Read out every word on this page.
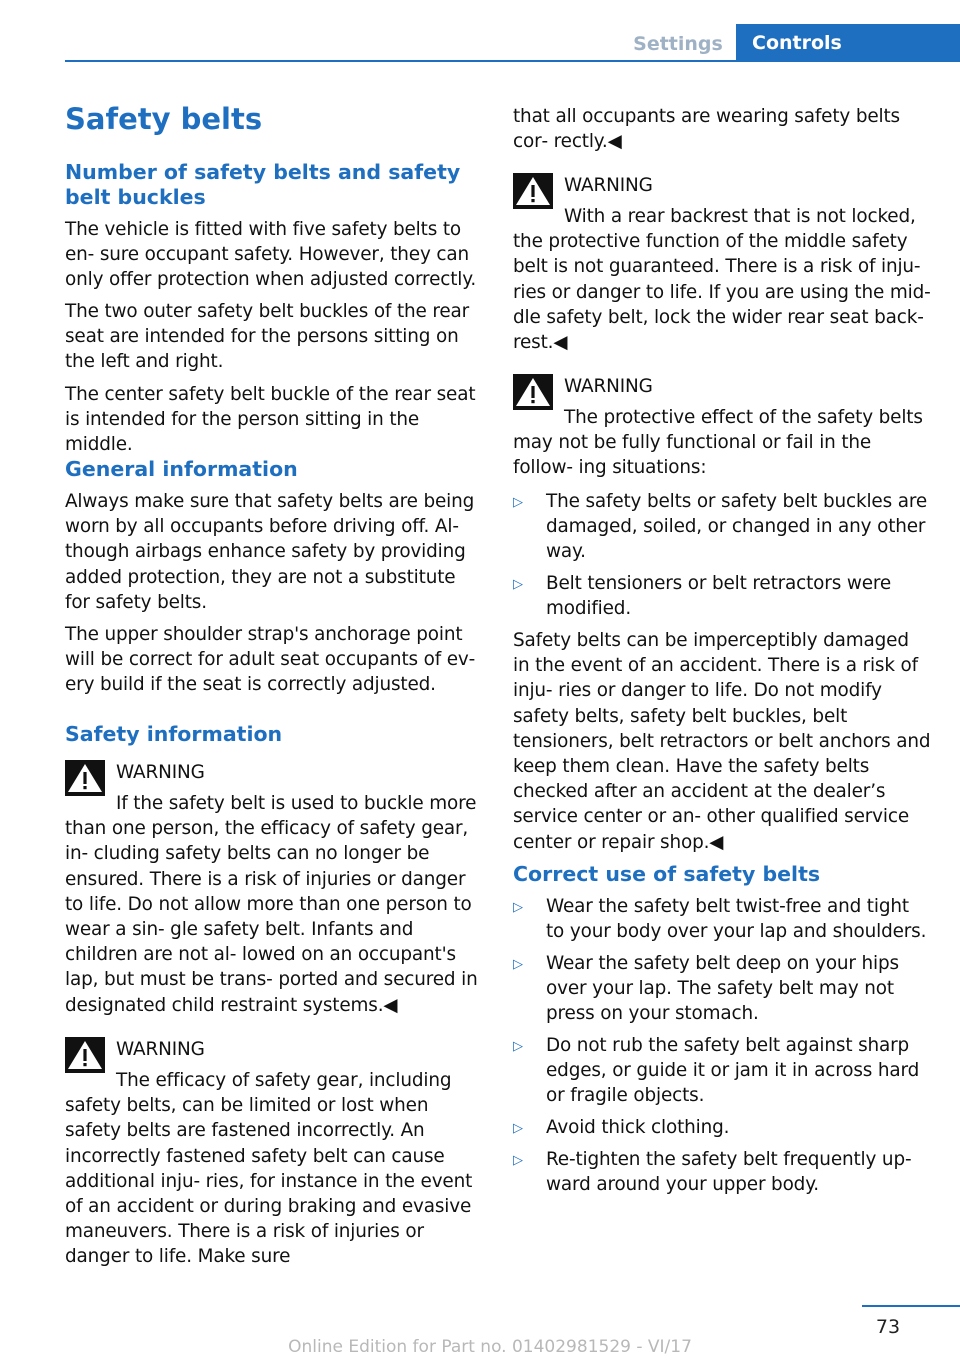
Settings	Controls
Safety belts
Number of safety belts and safety belt buckles
The vehicle is fitted with five safety belts to en‐ sure occupant safety. However, they can only offer protection when adjusted correctly.
The two outer safety belt buckles of the rear seat are intended for the persons sitting on the left and right.
The center safety belt buckle of the rear seat is intended for the person sitting in the middle.
General information
Always make sure that safety belts are being worn by all occupants before driving off. Al‐ though airbags enhance safety by providing added protection, they are not a substitute for safety belts.
The upper shoulder strap's anchorage point will be correct for adult seat occupants of ev‐ ery build if the seat is correctly adjusted.
Safety information
WARNING
If the safety belt is used to buckle more than one person, the efficacy of safety gear, in‐ cluding safety belts can no longer be ensured. There is a risk of injuries or danger to life. Do not allow more than one person to wear a sin‐ gle safety belt. Infants and children are not al‐ lowed on an occupant's lap, but must be trans‐ ported and secured in designated child restraint systems.◀
WARNING
The efficacy of safety gear, including safety belts, can be limited or lost when safety belts are fastened incorrectly. An incorrectly fastened safety belt can cause additional inju‐ ries, for instance in the event of an accident or during braking and evasive maneuvers. There is a risk of injuries or danger to life. Make sure
that all occupants are wearing safety belts cor‐ rectly.◀
WARNING
With a rear backrest that is not locked, the protective function of the middle safety belt is not guaranteed. There is a risk of inju‐ ries or danger to life. If you are using the mid‐ dle safety belt, lock the wider rear seat back‐ rest.◀
WARNING
The protective effect of the safety belts may not be fully functional or fail in the follow‐ ing situations:
▷ The safety belts or safety belt buckles are damaged, soiled, or changed in any other way.
▷ Belt tensioners or belt retractors were modified.
Safety belts can be imperceptibly damaged in the event of an accident. There is a risk of inju‐ ries or danger to life. Do not modify safety belts, safety belt buckles, belt tensioners, belt retractors or belt anchors and keep them clean. Have the safety belts checked after an accident at the dealer’s service center or an‐ other qualified service center or repair shop.◀
Correct use of safety belts
▷ Wear the safety belt twist-free and tight to your body over your lap and shoulders.
▷ Wear the safety belt deep on your hips over your lap. The safety belt may not press on your stomach.
▷ Do not rub the safety belt against sharp edges, or guide it or jam it in across hard or fragile objects.
▷ Avoid thick clothing.
▷ Re-tighten the safety belt frequently up‐ ward around your upper body.
73
Online Edition for Part no. 01402981529 - VI/17
